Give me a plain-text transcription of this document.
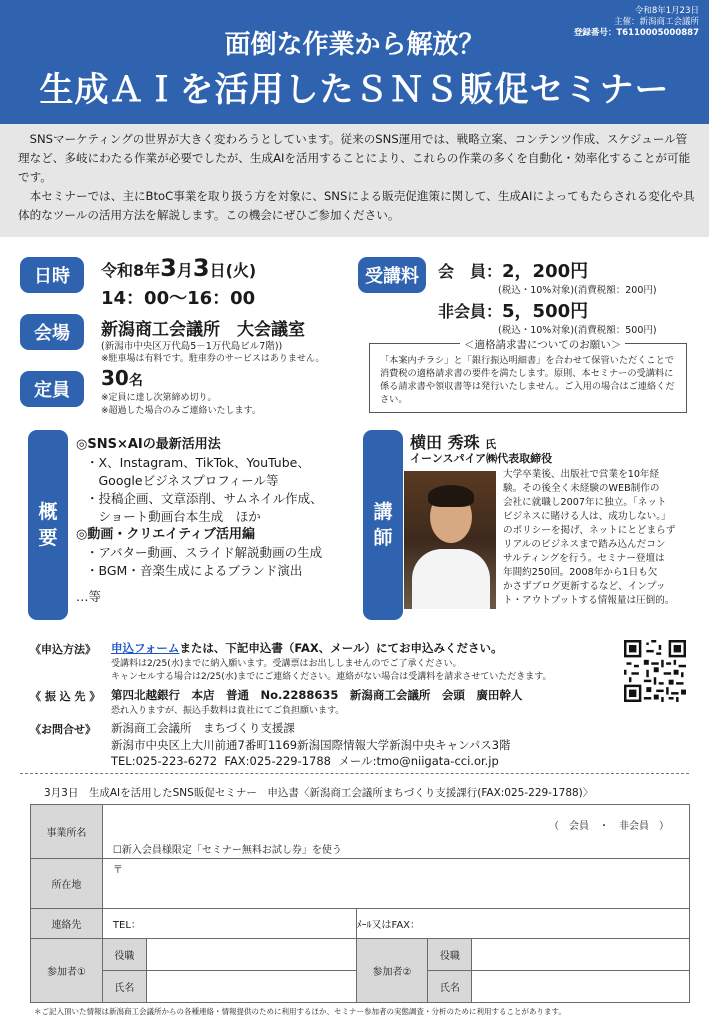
令和8年1月23日
主催：新潟商工会議所
登録番号：T6110005000887
面倒な作業から解放？
生成ＡＩを活用したＳＮＳ販促セミナー

SNSマーケティングの世界が大きく変わろうとしています。従来のSNS運用では、戦略立案、コンテンツ作成、スケジュール管理など、多岐にわたる作業が必要でしたが、生成AIを活用することにより、これらの作業の多くを自動化・効率化することが可能です。

本セミナーでは、主にBtoC事業を取り扱う方を対象に、SNSによる販売促進策に関して、生成AIによってもたらされる変化や具体的なツールの活用方法を解説します。この機会にぜひご参加ください。

日時	令和8年3月3日(火)
14：00～16：00
会場	新潟商工会議所　大会議室
(新潟市中央区万代島5－1万代島ビル7階))
※駐車場は有料です。駐車券のサービスはありません。
定員
30名
※定員に達し次第締め切り。
※超過した場合のみご連絡いたします。
受講料	会　員：2，200円
(税込・10%対象)(消費税額：200円)
非会員：5，500円
(税込・10%対象)(消費税額：500円)
＜適格請求書についてのお願い＞
「本案内チラシ」と「銀行振込明細書」を合わせて保管いただくことで消費税の適格請求書の要件を満たします。原則、本セミナーの受講料に係る請求書や領収書等は発行いたしません。ご入用の場合はご連絡ください。
概
要
◎SNS×AIの最新活用法
・X、Instagram、TikTok、YouTube、
　Googleビジネスプロフィール等
・投稿企画、文章添削、サムネイル作成、
　ショート動画台本生成　ほか
◎動画・クリエイティブ活用編
・アバター動画、スライド解説動画の生成
・BGM・音楽生成によるブランド演出
…等
講
師
横田 秀珠 氏
イーンスパイア㈱代表取締役
大学卒業後、出版社で営業を10年経
験。その後全く未経験のWEB制作の
会社に就職し2007年に独立。「ネット
ビジネスに賭ける人は、成功しない。」
のポリシーを掲げ、ネットにとどまらず
リアルのビジネスまで踏み込んだコン
サルティングを行う。セミナー登壇は
年間約250回。2008年から1日も欠
かさずブログ更新するなど、インプッ
ト・アウトプットする情報量は圧倒的。
《申込方法》 申込フォームまたは、下記申込書（FAX、メール）にてお申込みください。
受講料は2/25(水)までに納入願います。受講票はお出ししませんのでご了承ください。
キャンセルする場合は2/25(水)までにご連絡ください。連絡がない場合は受講料を請求させていただきます。
《 振 込 先 》 第四北越銀行　本店　普通　No.2288635　新潟商工会議所　会頭　廣田幹人
恐れ入りますが、振込手数料は貴社にてご負担願います。
《お問合せ》 新潟商工会議所　まちづくり支援課
新潟市中央区上大川前通7番町1169新潟国際情報大学新潟中央キャンパス3階
TEL:025-223-6272 FAX:025-229-1788 メール:tmo@niigata-cci.or.jp
3月3日　生成AIを活用したSNS販促セミナー　申込書〈新潟商工会議所まちづくり支援課行(FAX:025-229-1788)〉
事業所名	（　会員　・　非会員　）
☐新入会員様限定「セミナー無料お試し券」を使う				

所在地	〒				
連絡先	TEL：		ﾒｰﾙ又はFAX：		
参加者①	役職		参加者②	役職	
	氏名			氏名	
＊ご記入頂いた情報は新潟商工会議所からの各種連絡・情報提供のために利用するほか、セミナー参加者の実態調査・分析のために利用することがあります。
